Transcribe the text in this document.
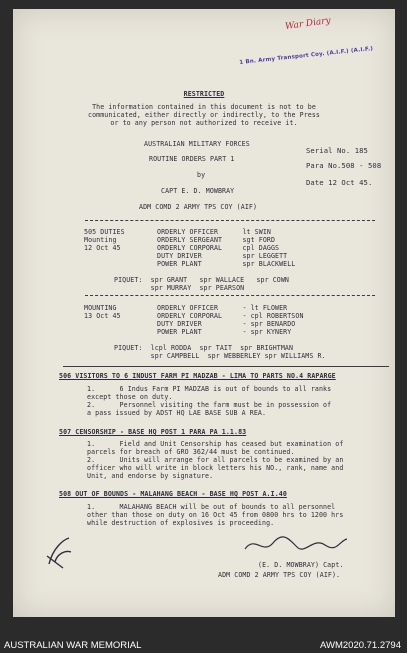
War Diary
1 Bn. Army Transport Coy. (A.I.F.) (A.I.F.)
RESTRICTED
The information contained in this document is not to be
communicated, either directly or indirectly, to the Press
or to any person not authorized to receive it.
AUSTRALIAN MILITARY FORCES
Serial No. 185
ROUTINE ORDERS PART 1
Para No.508 - 508
by
Date 12 Oct 45.
CAPT E. D. MOWBRAY
ADM COMD 2 ARMY TPS COY (AIF)
505 DUTIES
Mounting
12 Oct 45
ORDERLY OFFICER      lt SWIN
ORDERLY SERGEANT     sgt FORD
ORDERLY CORPORAL     cpl DAGGS
DUTY DRIVER          spr LEGGETT
POWER PLANT          spr BLACKWELL
PIQUET:  spr GRANT   spr WALLACE   spr COWN
spr MURRAY  spr PEARSON
MOUNTING
13 Oct 45
ORDERLY OFFICER      - lt FLOWER
ORDERLY CORPORAL     - cpl ROBERTSON
DUTY DRIVER          - spr BENARDO
POWER PLANT          - spr KYNERY
PIQUET:  lcpl RODDA  spr TAIT  spr BRIGHTMAN
spr CAMPBELL  spr WEBBERLEY spr WILLIAMS R.
506 VISITORS TO 6 INDUST FARM PI MADZAB - LIMA TO PARTS NO.4 RAPARGE
1.      6 Indus Farm PI MADZAB is out of bounds to all ranks
except those on duty.
2.      Personnel visiting the farm must be in possession of
a pass issued by ADST HQ LAE BASE SUB A REA.
507 CENSORSHIP - BASE HQ POST 1 PARA PA 1.1.83
1.      Field and Unit Censorship has ceased but examination of
parcels for breach of GRO 362/44 must be continued.
2.      Units will arrange for all parcels to be examined by an
officer who will write in block letters his NO., rank, name and
Unit, and endorse by signature.
508 OUT OF BOUNDS - MALAHANG BEACH - BASE HQ POST A.I.40
1.      MALAHANG BEACH will be out of bounds to all personnel
other than those on duty on 16 Oct 45 from 0800 hrs to 1200 hrs
while destruction of explosives is proceeding.
(E. D. MOWBRAY) Capt.
ADM COMD 2 ARMY TPS COY (AIF).
AUSTRALIAN WAR MEMORIAL	AWM2020.71.2794
